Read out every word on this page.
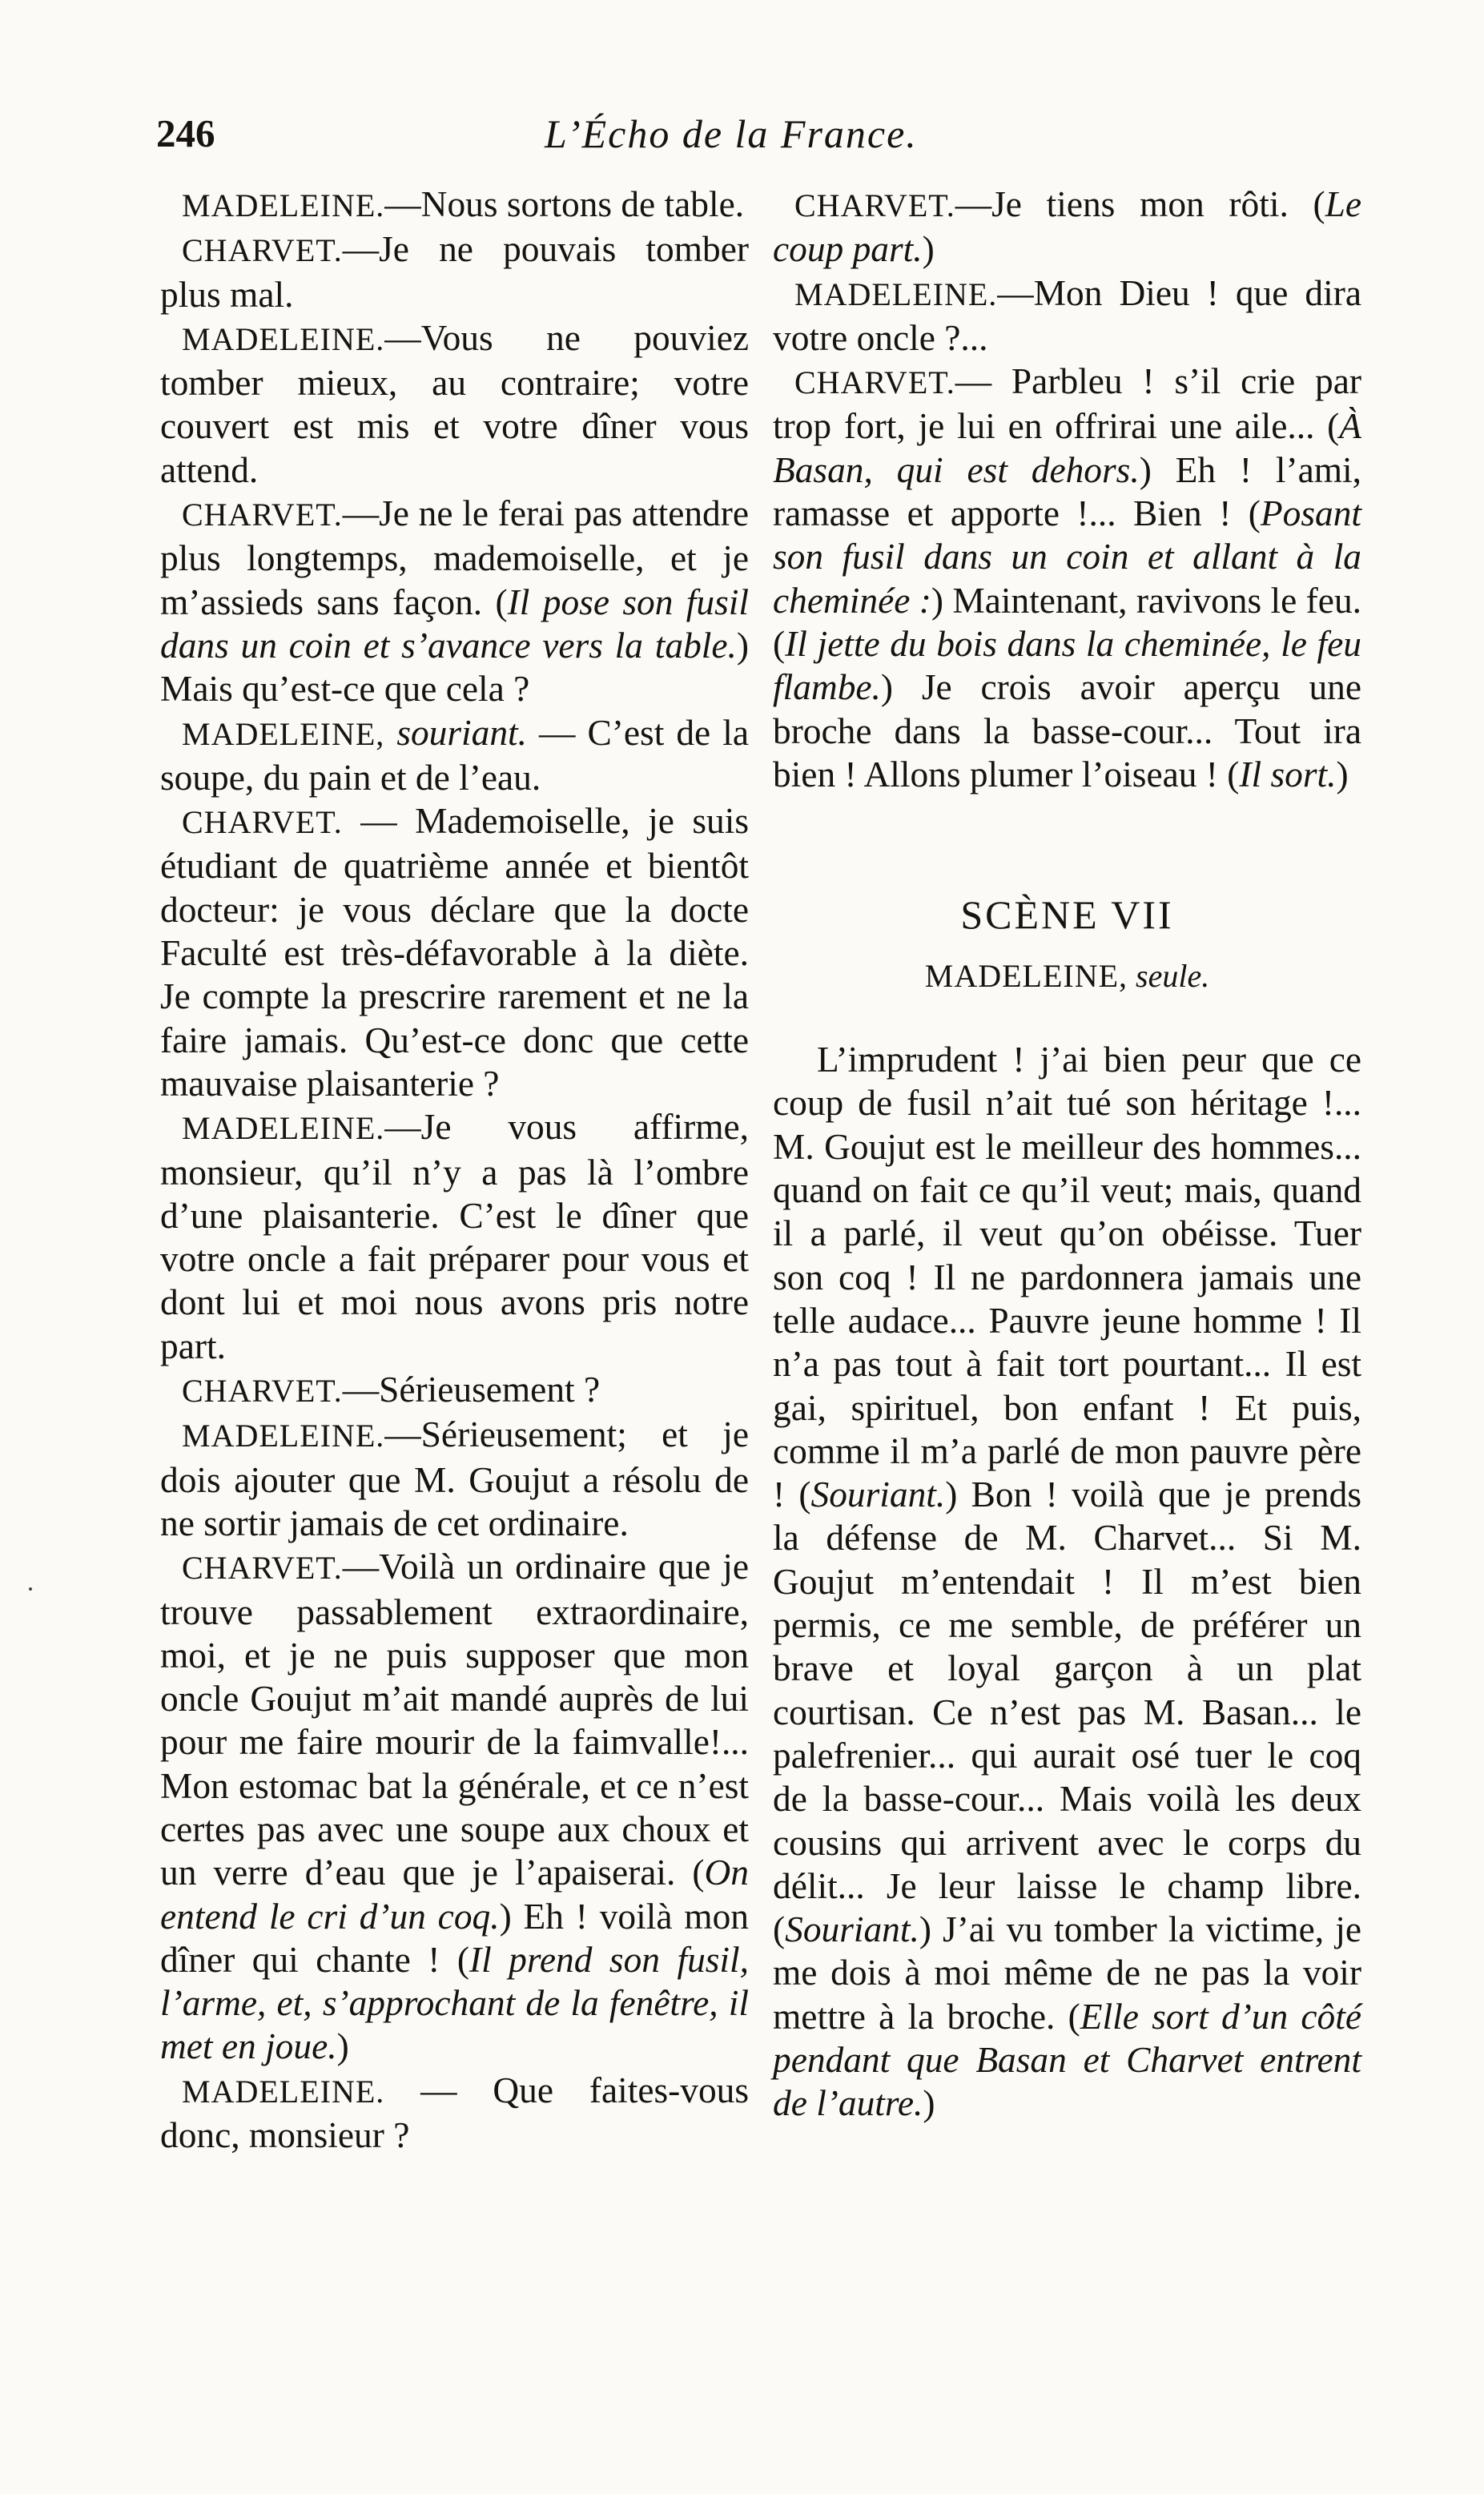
246	L’Écho de la France.

MADELEINE.—Nous sortons de table.

CHARVET.—Je ne pouvais tomber plus mal.

MADELEINE.—Vous ne pouviez tomber mieux, au contraire; votre couvert est mis et votre dîner vous attend.

CHARVET.—Je ne le ferai pas attendre plus longtemps, mademoiselle, et je m’assieds sans façon. (Il pose son fusil dans un coin et s’avance vers la table.) Mais qu’est-ce que cela ?

MADELEINE, souriant. — C’est de la soupe, du pain et de l’eau.

CHARVET. — Mademoiselle, je suis étudiant de quatrième année et bientôt docteur: je vous déclare que la docte Faculté est très-défavorable à la diète. Je compte la prescrire rarement et ne la faire jamais. Qu’est-ce donc que cette mauvaise plaisanterie ?

MADELEINE.—Je vous affirme, monsieur, qu’il n’y a pas là l’ombre d’une plaisanterie. C’est le dîner que votre oncle a fait préparer pour vous et dont lui et moi nous avons pris notre part.

CHARVET.—Sérieusement ?

MADELEINE.—Sérieusement; et je dois ajouter que M. Goujut a résolu de ne sortir jamais de cet ordinaire.

CHARVET.—Voilà un ordinaire que je trouve passablement extraordinaire, moi, et je ne puis supposer que mon oncle Goujut m’ait mandé auprès de lui pour me faire mourir de la faimvalle!... Mon estomac bat la générale, et ce n’est certes pas avec une soupe aux choux et un verre d’eau que je l’apaiserai. (On entend le cri d’un coq.) Eh ! voilà mon dîner qui chante ! (Il prend son fusil, l’arme, et, s’approchant de la fenêtre, il met en joue.)

MADELEINE. — Que faites-vous donc, monsieur ?

CHARVET.—Je tiens mon rôti. (Le coup part.)

MADELEINE.—Mon Dieu ! que dira votre oncle ?...

CHARVET.— Parbleu ! s’il crie par trop fort, je lui en offrirai une aile... (À Basan, qui est dehors.) Eh ! l’ami, ramasse et apporte !... Bien ! (Posant son fusil dans un coin et allant à la cheminée :) Maintenant, ravivons le feu. (Il jette du bois dans la cheminée, le feu flambe.) Je crois avoir aperçu une broche dans la basse-cour... Tout ira bien ! Allons plumer l’oiseau ! (Il sort.)

SCÈNE VII
MADELEINE, seule.

L’imprudent ! j’ai bien peur que ce coup de fusil n’ait tué son héritage !... M. Goujut est le meilleur des hommes... quand on fait ce qu’il veut; mais, quand il a parlé, il veut qu’on obéisse. Tuer son coq ! Il ne pardonnera jamais une telle audace... Pauvre jeune homme ! Il n’a pas tout à fait tort pourtant... Il est gai, spirituel, bon enfant ! Et puis, comme il m’a parlé de mon pauvre père ! (Souriant.) Bon ! voilà que je prends la défense de M. Charvet... Si M. Goujut m’entendait ! Il m’est bien permis, ce me semble, de préférer un brave et loyal garçon à un plat courtisan. Ce n’est pas M. Basan... le palefrenier... qui aurait osé tuer le coq de la basse-cour... Mais voilà les deux cousins qui arrivent avec le corps du délit... Je leur laisse le champ libre. (Souriant.) J’ai vu tomber la victime, je me dois à moi même de ne pas la voir mettre à la broche. (Elle sort d’un côté pendant que Basan et Charvet entrent de l’autre.)
